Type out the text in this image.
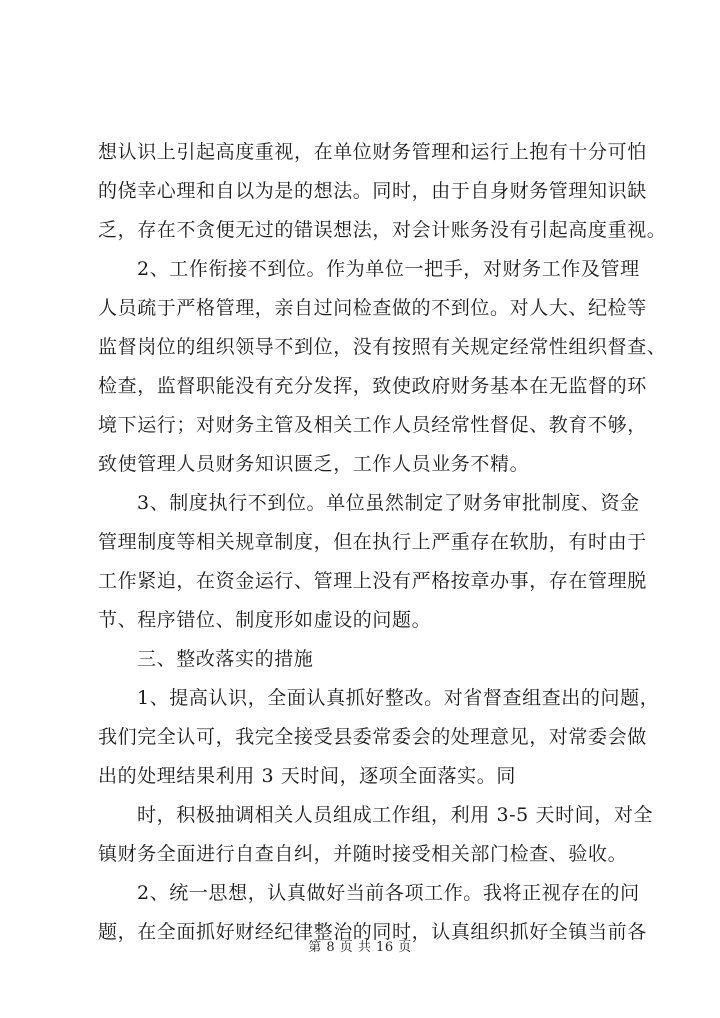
想认识上引起高度重视，在单位财务管理和运行上抱有十分可怕
的侥幸心理和自以为是的想法。同时，由于自身财务管理知识缺
乏，存在不贪便无过的错误想法，对会计账务没有引起高度重视。
2、工作衔接不到位。作为单位一把手，对财务工作及管理
人员疏于严格管理，亲自过问检查做的不到位。对人大、纪检等
监督岗位的组织领导不到位，没有按照有关规定经常性组织督查、
检查，监督职能没有充分发挥，致使政府财务基本在无监督的环
境下运行；对财务主管及相关工作人员经常性督促、教育不够，
致使管理人员财务知识匮乏，工作人员业务不精。
3、制度执行不到位。单位虽然制定了财务审批制度、资金
管理制度等相关规章制度，但在执行上严重存在软肋，有时由于
工作紧迫，在资金运行、管理上没有严格按章办事，存在管理脱
节、程序错位、制度形如虚设的问题。
三、整改落实的措施
1、提高认识，全面认真抓好整改。对省督查组查出的问题，
我们完全认可，我完全接受县委常委会的处理意见，对常委会做
出的处理结果利用 3 天时间，逐项全面落实。同
时，积极抽调相关人员组成工作组，利用 3-5 天时间，对全
镇财务全面进行自查自纠，并随时接受相关部门检查、验收。
2、统一思想，认真做好当前各项工作。我将正视存在的问
题，在全面抓好财经纪律整治的同时，认真组织抓好全镇当前各
第 8 页 共 16 页
